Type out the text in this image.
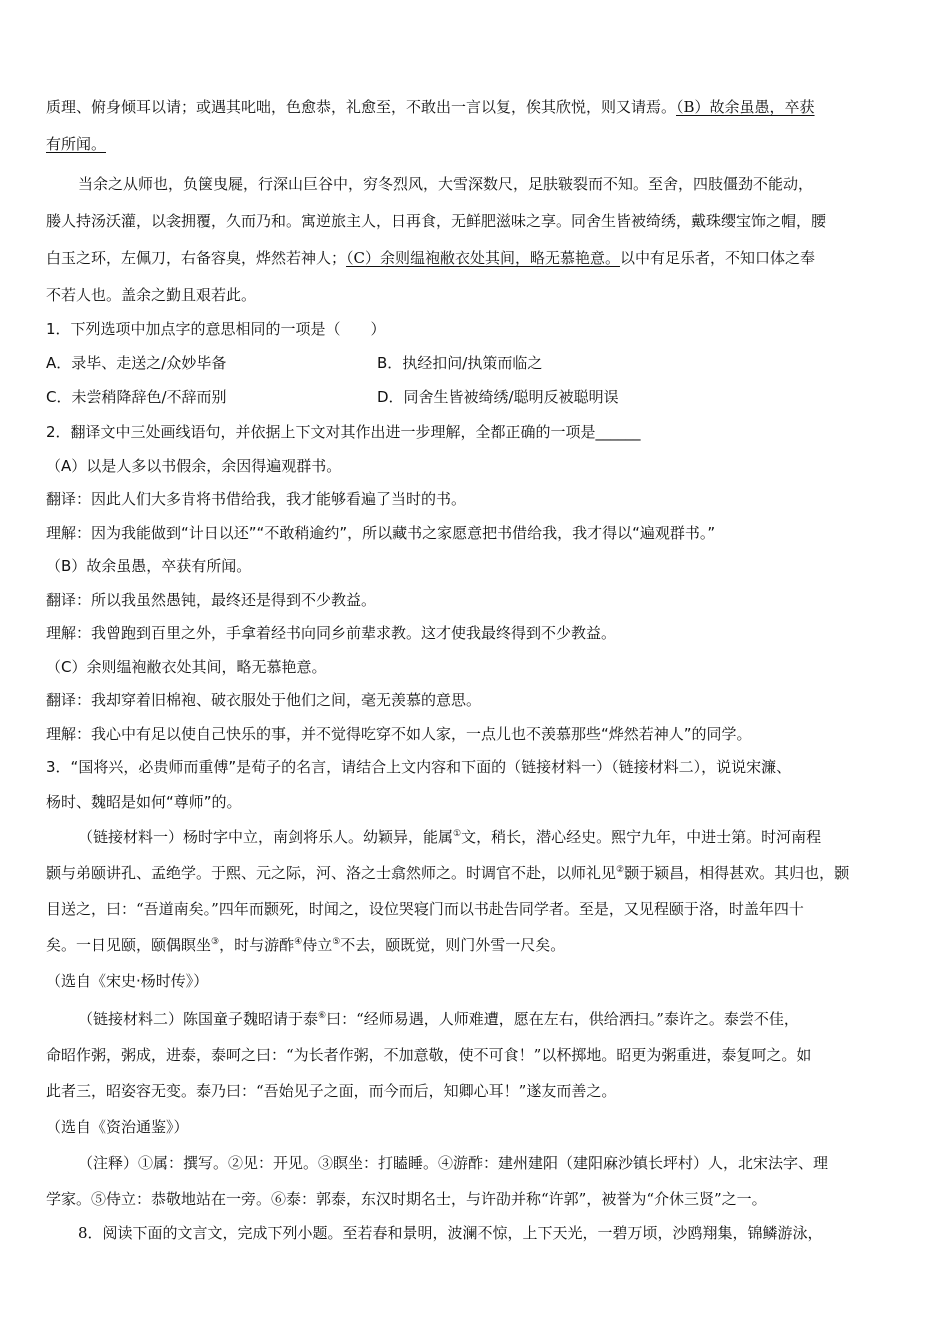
质理、俯身倾耳以请；或遇其叱咄，色愈恭，礼愈至，不敢出一言以复，俟其欣悦，则又请焉。（B）故余虽愚，卒获

有所闻。

当余之从师也，负箧曳屣，行深山巨谷中，穷冬烈风，大雪深数尺，足肤皲裂而不知。至舍，四肢僵劲不能动，

媵人持汤沃灌，以衾拥覆，久而乃和。寓逆旅主人，日再食，无鲜肥滋味之享。同舍生皆被绮绣，戴珠缨宝饰之帽，腰

白玉之环，左佩刀，右备容臭，烨然若神人；（C）余则缊袍敝衣处其间，略无慕艳意。以中有足乐者，不知口体之奉

不若人也。盖余之勤且艰若此。

1．下列选项中加点字的意思相同的一项是（　　）

A．录毕、走送之/众妙毕备	B．执经扣问/执策而临之
C．未尝稍降辞色/不辞而别	D．同舍生皆被绮绣/聪明反被聪明误

2．翻译文中三处画线语句，并依据上下文对其作出进一步理解，全都正确的一项是______

（A）以是人多以书假余，余因得遍观群书。

翻译：因此人们大多肯将书借给我，我才能够看遍了当时的书。

理解：因为我能做到“计日以还”“不敢稍逾约”，所以藏书之家愿意把书借给我，我才得以“遍观群书。”

（B）故余虽愚，卒获有所闻。

翻译：所以我虽然愚钝，最终还是得到不少教益。

理解：我曾跑到百里之外，手拿着经书向同乡前辈求教。这才使我最终得到不少教益。

（C）余则缊袍敝衣处其间，略无慕艳意。

翻译：我却穿着旧棉袍、破衣服处于他们之间，毫无羡慕的意思。

理解：我心中有足以使自己快乐的事，并不觉得吃穿不如人家，一点儿也不羡慕那些“烨然若神人”的同学。

3．“国将兴，必贵师而重傅”是荀子的名言，请结合上文内容和下面的（链接材料一）（链接材料二），说说宋濂、

杨时、魏昭是如何“尊师”的。

（链接材料一）杨时字中立，南剑将乐人。幼颖异，能属①文，稍长，潜心经史。熙宁九年，中进士第。时河南程

颢与弟颐讲孔、孟绝学。于熙、元之际，河、洛之士翕然师之。时调官不赴，以师礼见②颢于颍昌，相得甚欢。其归也，颢

目送之，曰：“吾道南矣。”四年而颢死，时闻之，设位哭寝门而以书赴告同学者。至是，又见程颐于洛，时盖年四十

矣。一日见颐，颐偶瞑坐③，时与游酢④侍立⑤不去，颐既觉，则门外雪一尺矣。

（选自《宋史·杨时传》）

（链接材料二）陈国童子魏昭请于泰⑥曰：“经师易遇，人师难遭，愿在左右，供给洒扫。”泰许之。泰尝不佳，

命昭作粥，粥成，进泰，泰呵之曰：“为长者作粥，不加意敬，使不可食！”以杯掷地。昭更为粥重进，泰复呵之。如

此者三，昭姿容无变。泰乃曰：“吾始见子之面，而今而后，知卿心耳！”遂友而善之。

（选自《资治通鉴》）

（注释）①属：撰写。②见：开见。③瞑坐：打瞌睡。④游酢：建州建阳（建阳麻沙镇长坪村）人，北宋法字、理

学家。⑤侍立：恭敬地站在一旁。⑥泰：郭泰，东汉时期名士，与许劭并称“许郭”，被誉为“介休三贤”之一。

8．阅读下面的文言文，完成下列小题。至若春和景明，波澜不惊，上下天光，一碧万顷，沙鸥翔集，锦鳞游泳，
